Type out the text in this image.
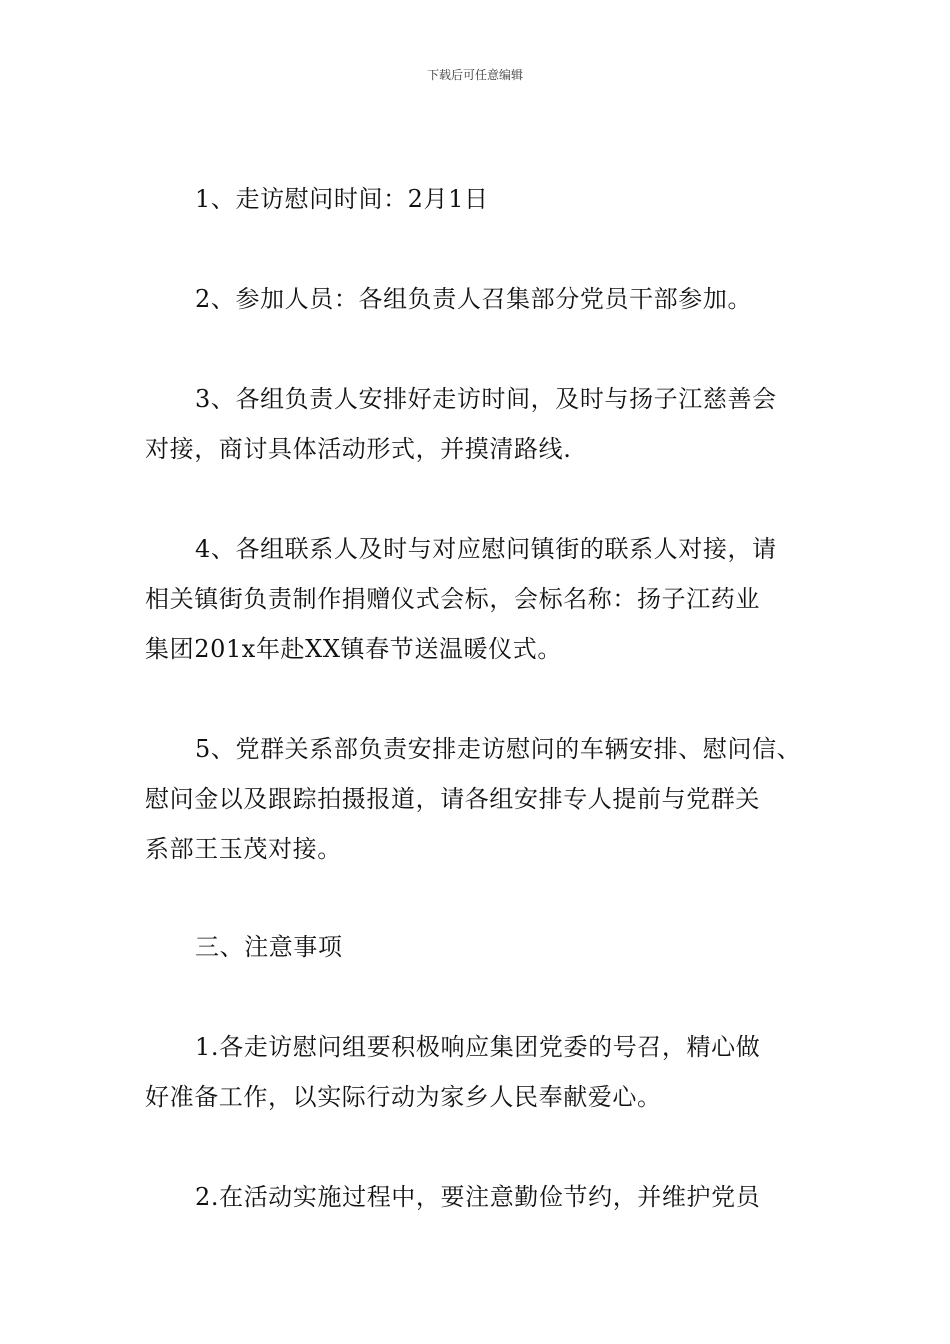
下载后可任意编辑
1、走访慰问时间：2月1日
2、参加人员：各组负责人召集部分党员干部参加。
3、各组负责人安排好走访时间，及时与扬子江慈善会
对接，商讨具体活动形式，并摸清路线.
4、各组联系人及时与对应慰问镇街的联系人对接，请
相关镇街负责制作捐赠仪式会标，会标名称：扬子江药业
集团201x年赴XX镇春节送温暖仪式。
5、党群关系部负责安排走访慰问的车辆安排、慰问信、
慰问金以及跟踪拍摄报道，请各组安排专人提前与党群关
系部王玉茂对接。
三、注意事项
1.各走访慰问组要积极响应集团党委的号召，精心做
好准备工作，以实际行动为家乡人民奉献爱心。
2.在活动实施过程中，要注意勤俭节约，并维护党员
